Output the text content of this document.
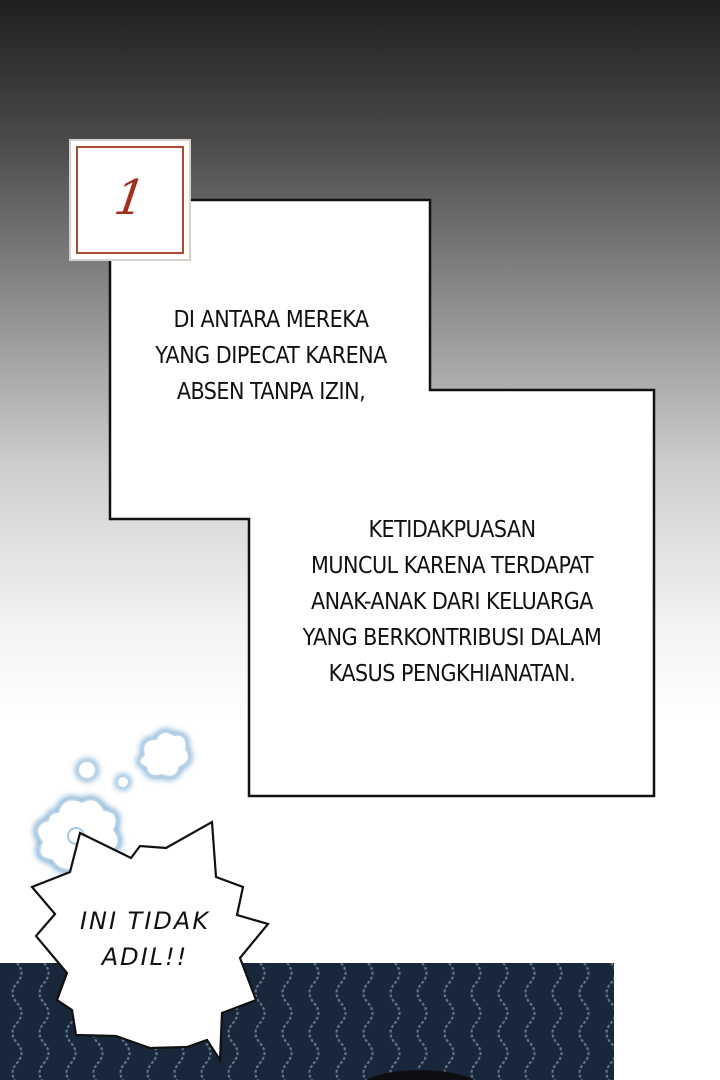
1
DI ANTARA MEREKA
YANG DIPECAT KARENA
ABSEN TANPA IZIN,
KETIDAKPUASAN
MUNCUL KARENA TERDAPAT
ANAK-ANAK DARI KELUARGA
YANG BERKONTRIBUSI DALAM
KASUS PENGKHIANATAN.
INI TIDAK
ADIL!!
